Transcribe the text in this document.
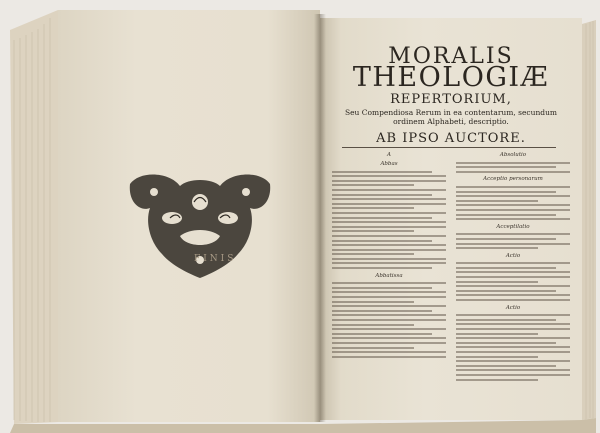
FINIS
MORALIS
THEOLOGIÆ
REPERTORIUM,
Seu Compendiosa Rerum in ea contentarum, secundum ordinem Alphabeti, descriptio.
AB IPSO AUCTORE.
A
Abbas
Abbatissa
Absolutio
Acceptio personarum
Acceptilatio
Actio
Actio
